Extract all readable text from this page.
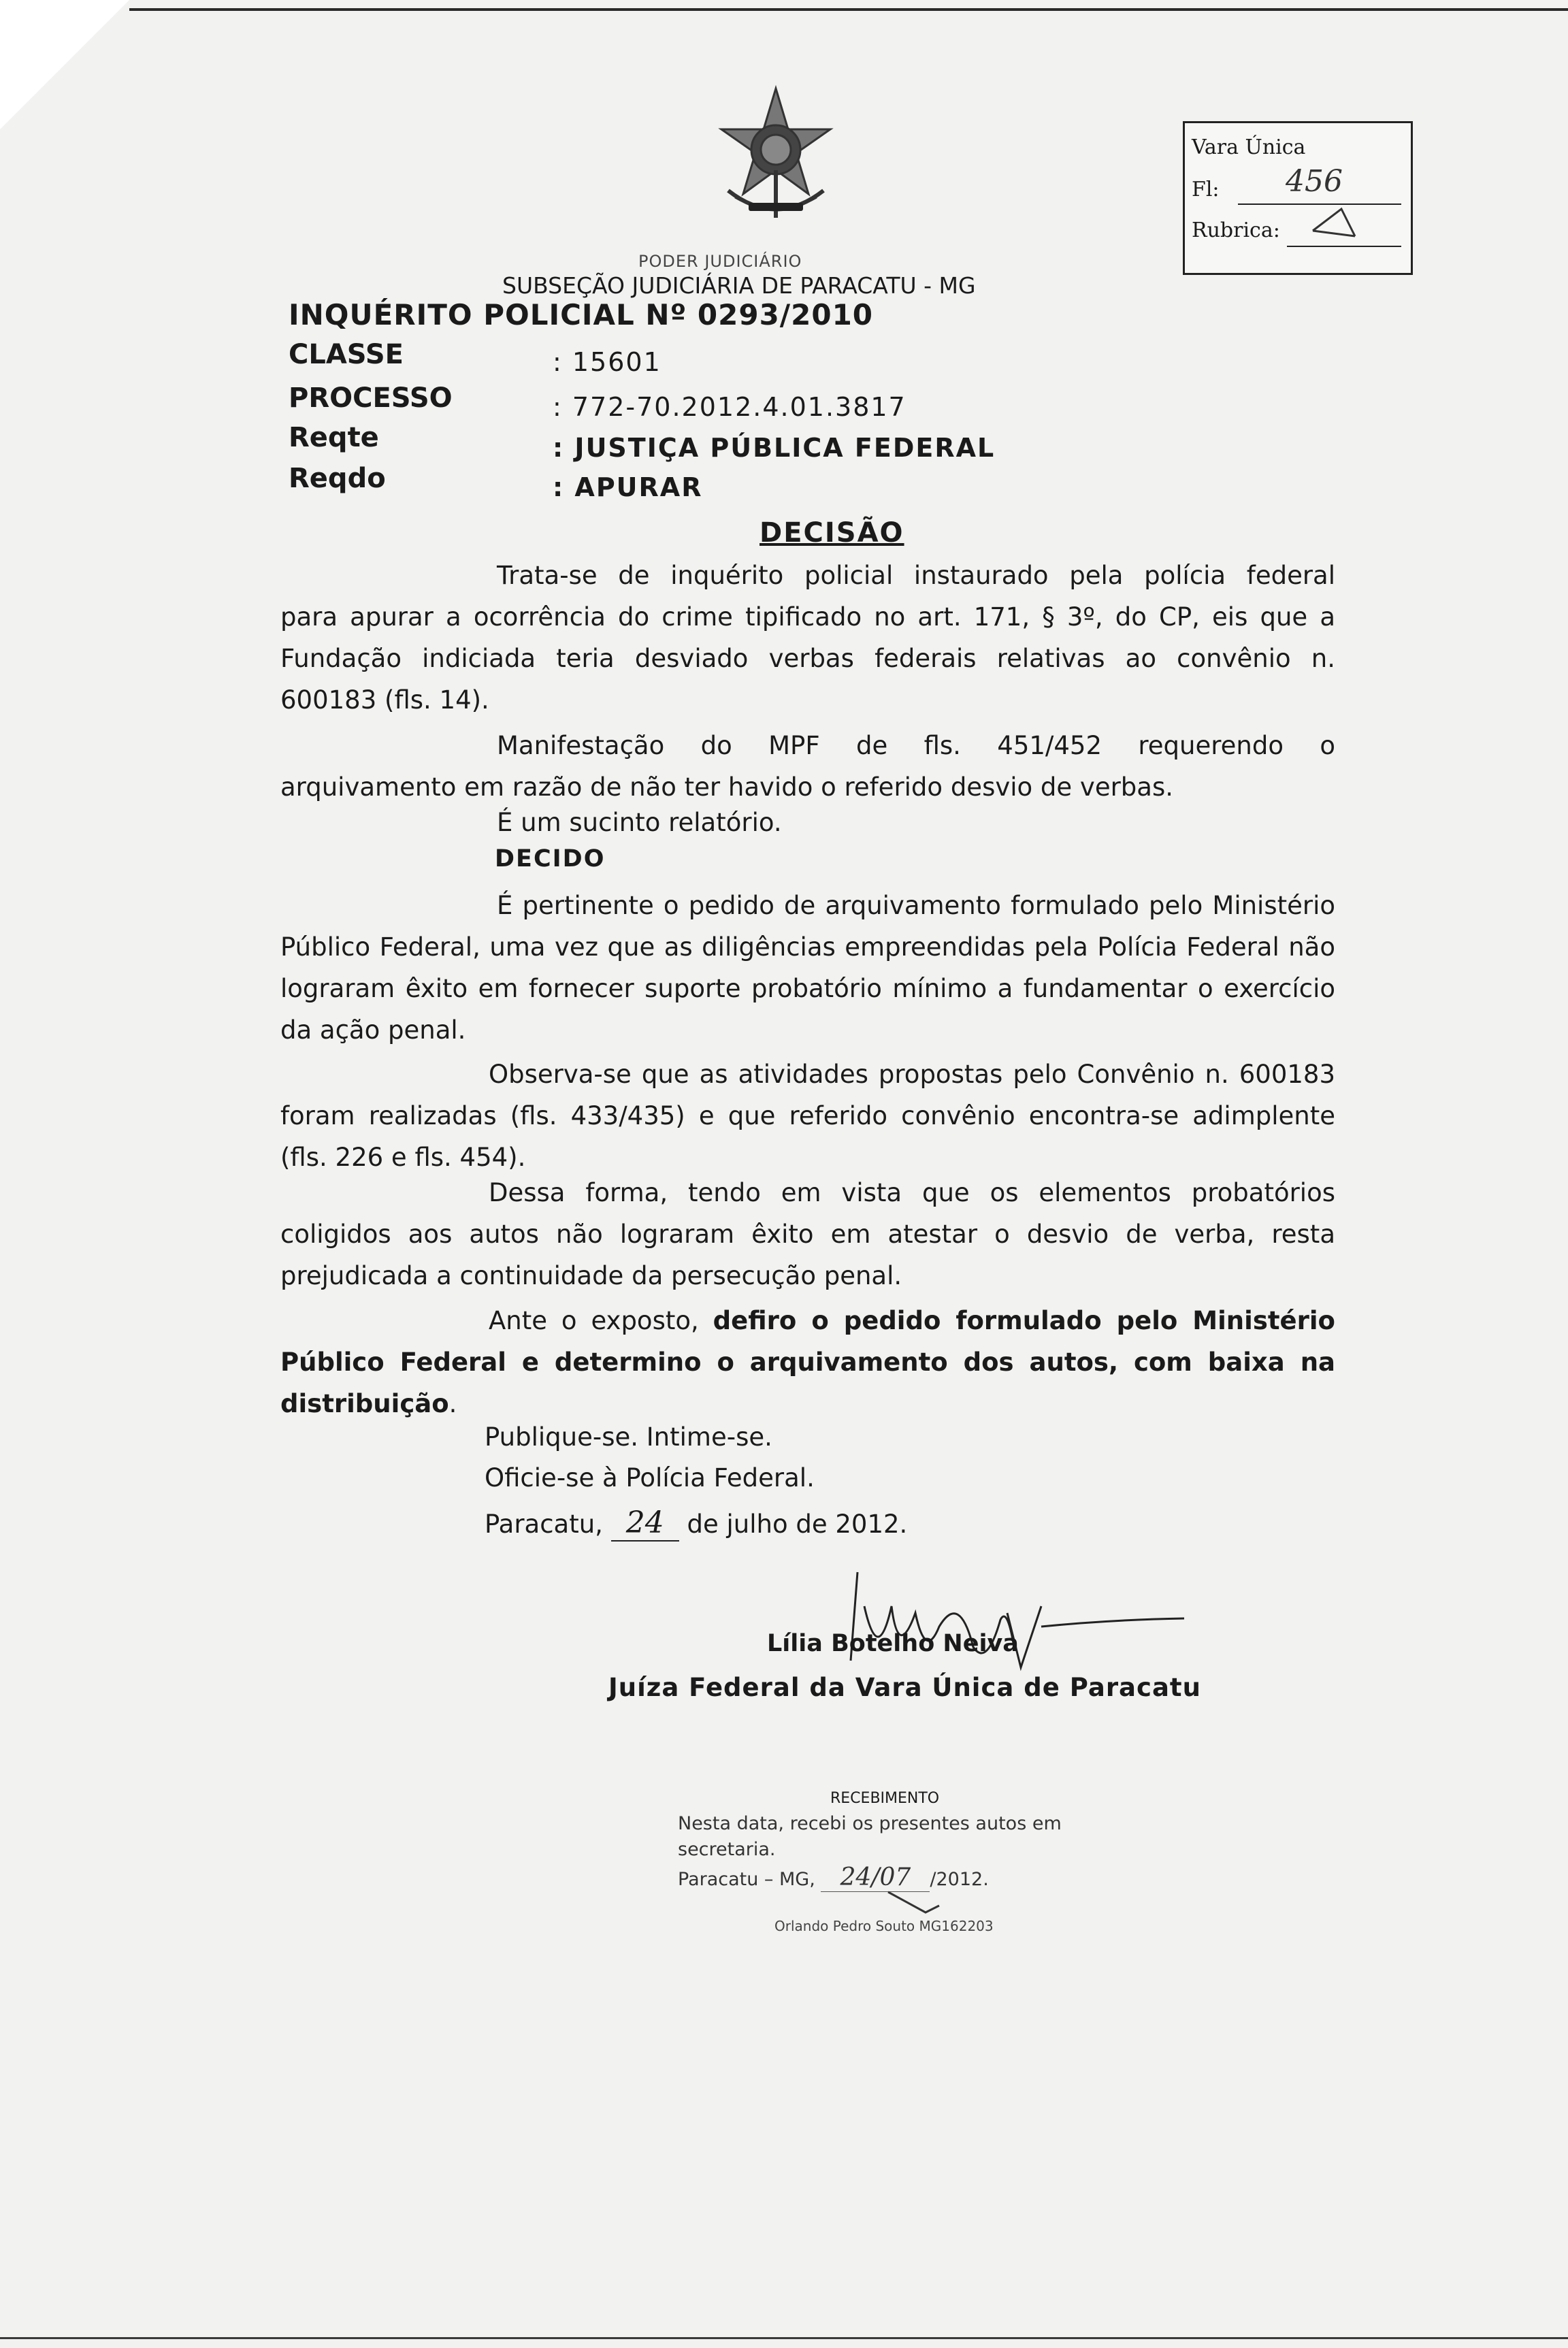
Vara Única
Fl: 456
Rubrica:
PODER JUDICIÁRIO
SUBSEÇÃO JUDICIÁRIA DE PARACATU - MG
INQUÉRITO POLICIAL Nº 0293/2010
CLASSE	: 15601
PROCESSO	: 772-70.2012.4.01.3817
Reqte	: JUSTIÇA PÚBLICA FEDERAL
Reqdo	: APURAR
DECISÃO
Trata-se de inquérito policial instaurado pela polícia federal
para apurar a ocorrência do crime tipificado no art. 171, § 3º, do CP, eis que a
Fundação indiciada teria desviado verbas federais relativas ao convênio n.
600183 (fls. 14).
Manifestação do MPF de fls. 451/452 requerendo o
arquivamento em razão de não ter havido o referido desvio de verbas.
É um sucinto relatório.
DECIDO
É pertinente o pedido de arquivamento formulado pelo Ministério
Público Federal, uma vez que as diligências empreendidas pela Polícia Federal não
lograram êxito em fornecer suporte probatório mínimo a fundamentar o exercício
da ação penal.
Observa-se que as atividades propostas pelo Convênio n. 600183
foram realizadas (fls. 433/435) e que referido convênio encontra-se adimplente
(fls. 226 e fls. 454).
Dessa forma, tendo em vista que os elementos probatórios
coligidos aos autos não lograram êxito em atestar o desvio de verba, resta
prejudicada a continuidade da persecução penal.
Ante o exposto, defiro o pedido formulado pelo Ministério
Público Federal e determino o arquivamento dos autos, com baixa na
distribuição.
Publique-se. Intime-se.
Oficie-se à Polícia Federal.
Paracatu, 24 de julho de 2012.
Lília Botelho Neiva
Juíza Federal da Vara Única de Paracatu
RECEBIMENTO
Nesta data, recebi os presentes autos em
secretaria.
Paracatu – MG, 24/07 /2012.
Orlando Pedro Souto MG162203
